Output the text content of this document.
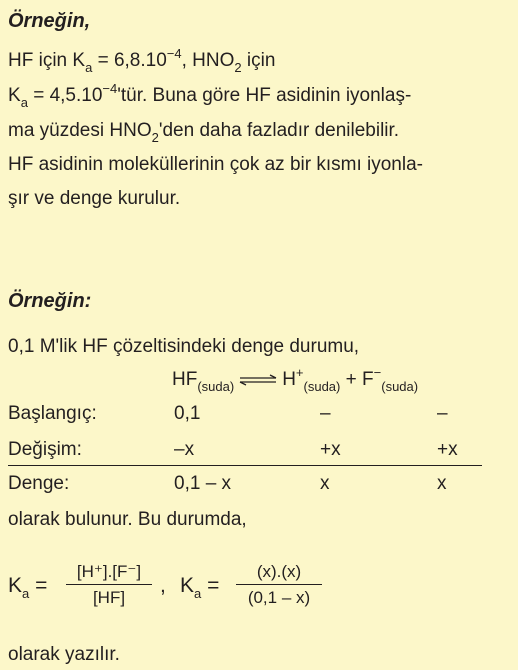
Örneğin,
HF için $K_a = 6,8.10^{-4}$, $HNO_2$ için
$K_a$ = $4,5.10^{-4}'tür$. Buna göre HF asidinin iyonlaş-
ma yüzdesi $HNO_2'den$ daha fazladır denilebilir.
HF asidinin moleküllerinin çok az bir kısmı iyonla-
şır ve denge kurulur.
Örneğin:
0,1 M'lik HF çözeltisindeki denge durumu,
$HF_{(suda)}$ ⇌ $H^+_{(suda)} + F^-_{(suda)}$
Başlangıç:	0,1	–	–
Değişim:	–x	+x	+x
Denge:	0,1 – x	x	x
olarak bulunur. Bu durumda,
$K_a = \frac{[H^+].[F^-]}{[HF]}$ , $K_a = \frac{(x).(x)}{(0,1 - x)}$
olarak yazılır.
